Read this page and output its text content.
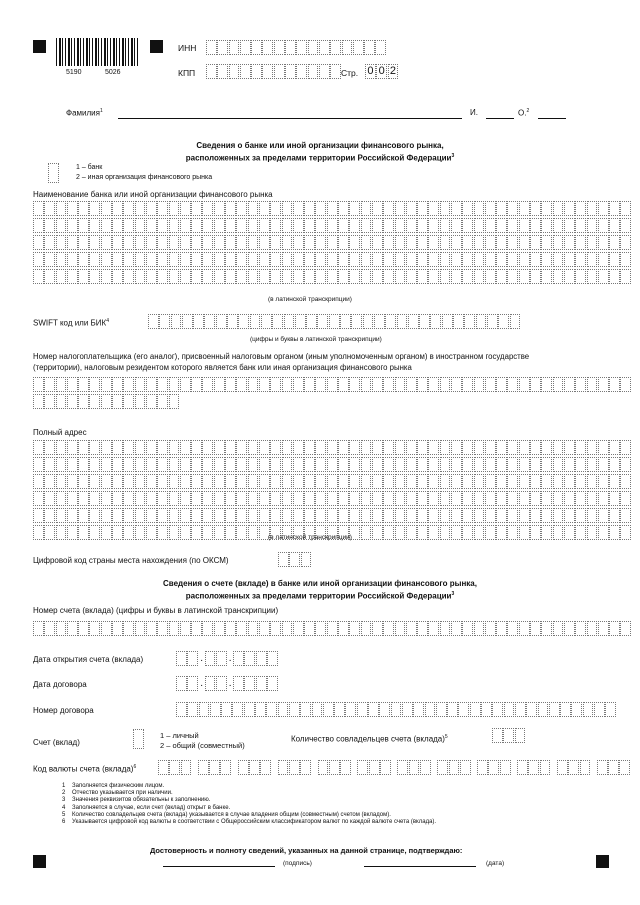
5190	5026
ИНН
КПП	Стр. 0 0 2
Фамилия$^1$	И.	О.$^2$
Сведения о банке или иной организации финансового рынка,
расположенных за пределами территории Российской Федерации$^3$
1 – банк
2 – иная организация финансового рынка
Наименование банка или иной организации финансового рынка
(в латинской транскрипции)
SWIFT код или БИК$^4$
(цифры и буквы в латинской транскрипции)
Номер налогоплательщика (его аналог), присвоенный налоговым органом (иным уполномоченным органом) в иностранном государстве
(территории), налоговым резидентом которого является банк или иная организация финансового рынка
Полный адрес
(в латинской транскрипции)
Цифровой код страны места нахождения (по ОКСМ)
Сведения о счете (вкладе) в банке или иной организации финансового рынка,
расположенных за пределами территории Российской Федерации$^3$
Номер счета (вклада) (цифры и буквы в латинской транскрипции)
Дата открытия счета (вклада)	.	.
Дата договора	.	.
Номер договора
Счет (вклад)
1 – личный
2 – общий (совместный)
Количество совладельцев счета (вклада)$^5$
Код валюты счета (вклада)$^6$
1 Заполняется физическим лицом.
2 Отчество указывается при наличии.
3 Значения реквизитов обязательны к заполнению.
4 Заполняется в случае, если счет (вклад) открыт в банке.
5 Количество совладельцев счета (вклада) указывается в случае владения общим (совместным) счетом (вкладом).
6 Указывается цифровой код валюты в соответствии с Общероссийским классификатором валют по каждой валюте счета (вклада).
Достоверность и полноту сведений, указанных на данной странице, подтверждаю:
(подпись)	(дата)
